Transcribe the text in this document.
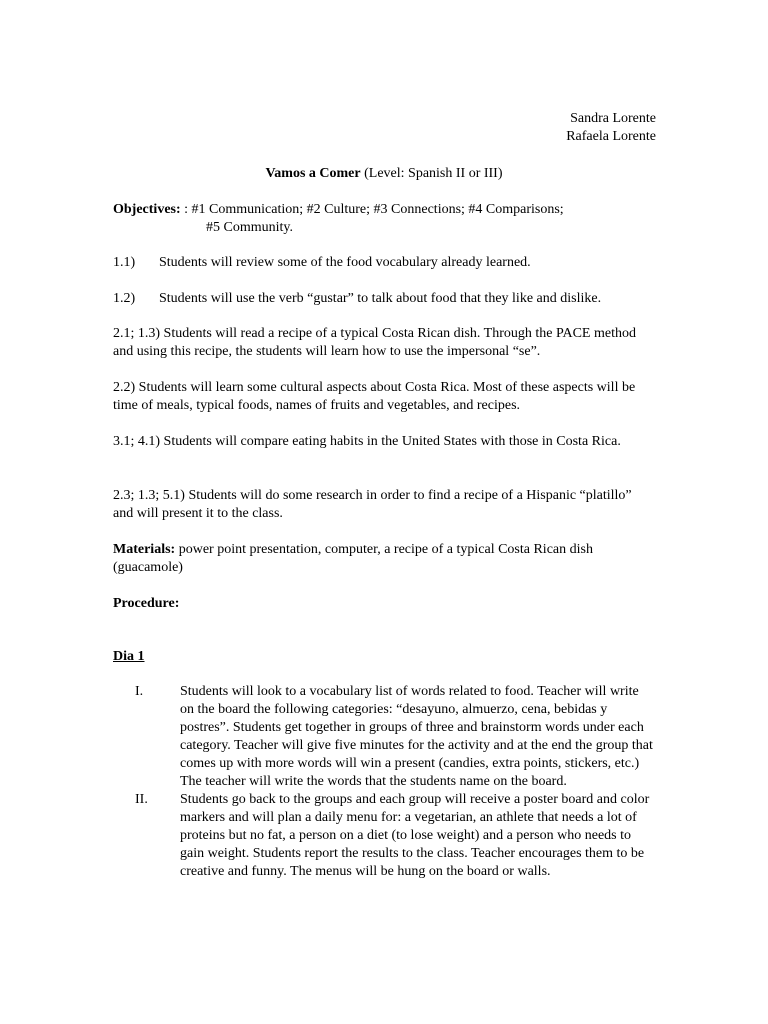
Sandra Lorente
Rafaela Lorente
Vamos a Comer (Level: Spanish II or III)
Objectives: : #1 Communication; #2 Culture; #3 Connections; #4 Comparisons;
#5 Community.
1.1) Students will review some of the food vocabulary already learned.
1.2) Students will use the verb “gustar” to talk about food that they like and dislike.
2.1; 1.3) Students will read a recipe of a typical Costa Rican dish. Through the PACE method and using this recipe, the students will learn how to use the impersonal “se”.
2.2) Students will learn some cultural aspects about Costa Rica. Most of these aspects will be time of meals, typical foods, names of fruits and vegetables, and recipes.
3.1; 4.1) Students will compare eating habits in the United States with those in Costa Rica.
2.3; 1.3; 5.1) Students will do some research in order to find a recipe of a Hispanic “platillo” and will present it to the class.
Materials: power point presentation, computer, a recipe of a typical Costa Rican dish (guacamole)
Procedure:
Dia 1
I.	Students will look to a vocabulary list of words related to food. Teacher will write on the board the following categories: “desayuno, almuerzo, cena, bebidas y postres”. Students get together in groups of three and brainstorm words under each category. Teacher will give five minutes for the activity and at the end the group that comes up with more words will win a present (candies, extra points, stickers, etc.) The teacher will write the words that the students name on the board.
II.	Students go back to the groups and each group will receive a poster board and color markers and will plan a daily menu for: a vegetarian, an athlete that needs a lot of proteins but no fat, a person on a diet (to lose weight) and a person who needs to gain weight. Students report the results to the class. Teacher encourages them to be creative and funny. The menus will be hung on the board or walls.
